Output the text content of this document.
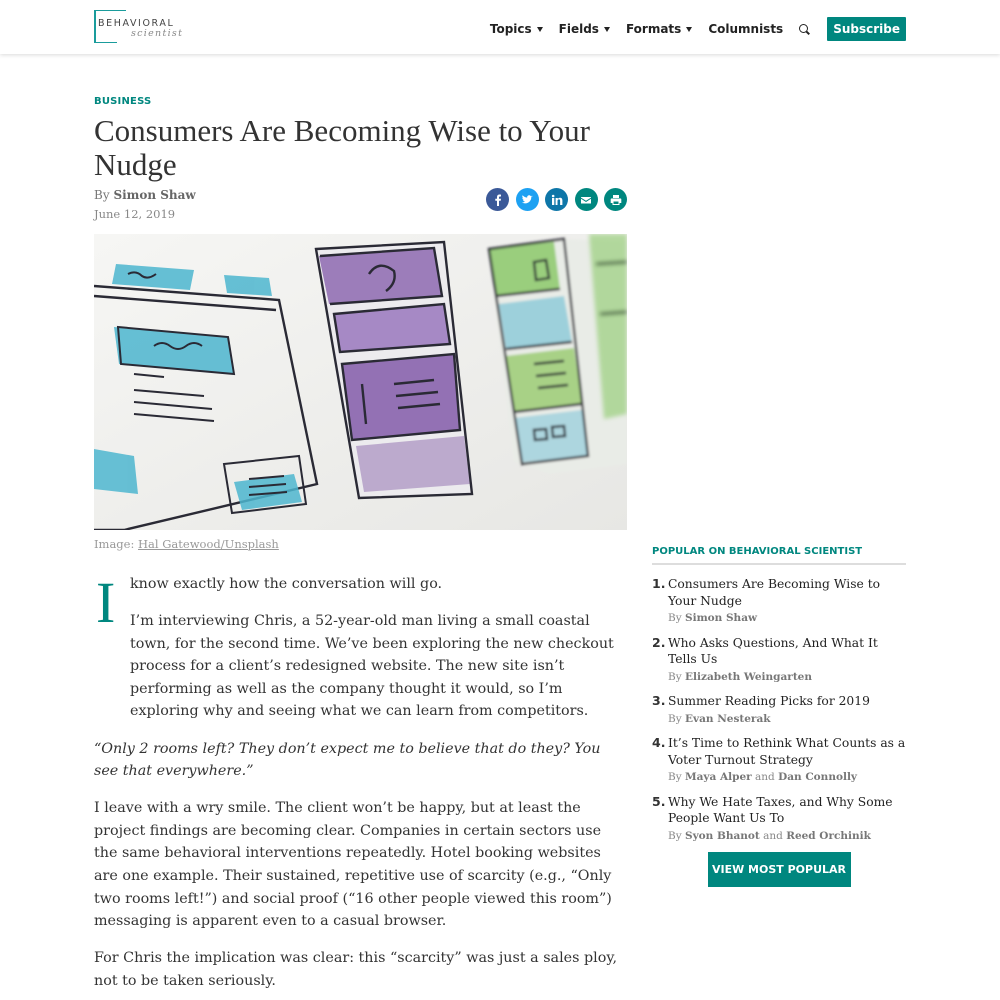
BEHAVIORAL
scientist	Topics Fields Formats Columnists	Subscribe
BUSINESS
Consumers Are Becoming Wise to Your Nudge
By Simon Shaw
June 12, 2019
Image: Hal Gatewood/Unsplash
I know exactly how the conversation will go.

I’m interviewing Chris, a 52-year-old man living a small coastal town, for the second time. We’ve been exploring the new checkout process for a client’s redesigned website. The new site isn’t performing as well as the company thought it would, so I’m exploring why and seeing what we can learn from competitors.

“Only 2 rooms left? They don’t expect me to believe that do they? You see that everywhere.”

I leave with a wry smile. The client won’t be happy, but at least the project findings are becoming clear. Companies in certain sectors use the same behavioral interventions repeatedly. Hotel booking websites are one example. Their sustained, repetitive use of scarcity (e.g., “Only two rooms left!”) and social proof (“16 other people viewed this room”) messaging is apparent even to a casual browser.

For Chris the implication was clear: this “scarcity” was just a sales ploy, not to be taken seriously.

POPULAR ON BEHAVIORAL SCIENTIST
1. Consumers Are Becoming Wise to Your Nudge
By Simon Shaw
2. Who Asks Questions, And What It Tells Us
By Elizabeth Weingarten
3. Summer Reading Picks for 2019
By Evan Nesterak
4. It’s Time to Rethink What Counts as a Voter Turnout Strategy
By Maya Alper and Dan Connolly
5. Why We Hate Taxes, and Why Some People Want Us To
By Syon Bhanot and Reed Orchinik
VIEW MOST POPULAR
